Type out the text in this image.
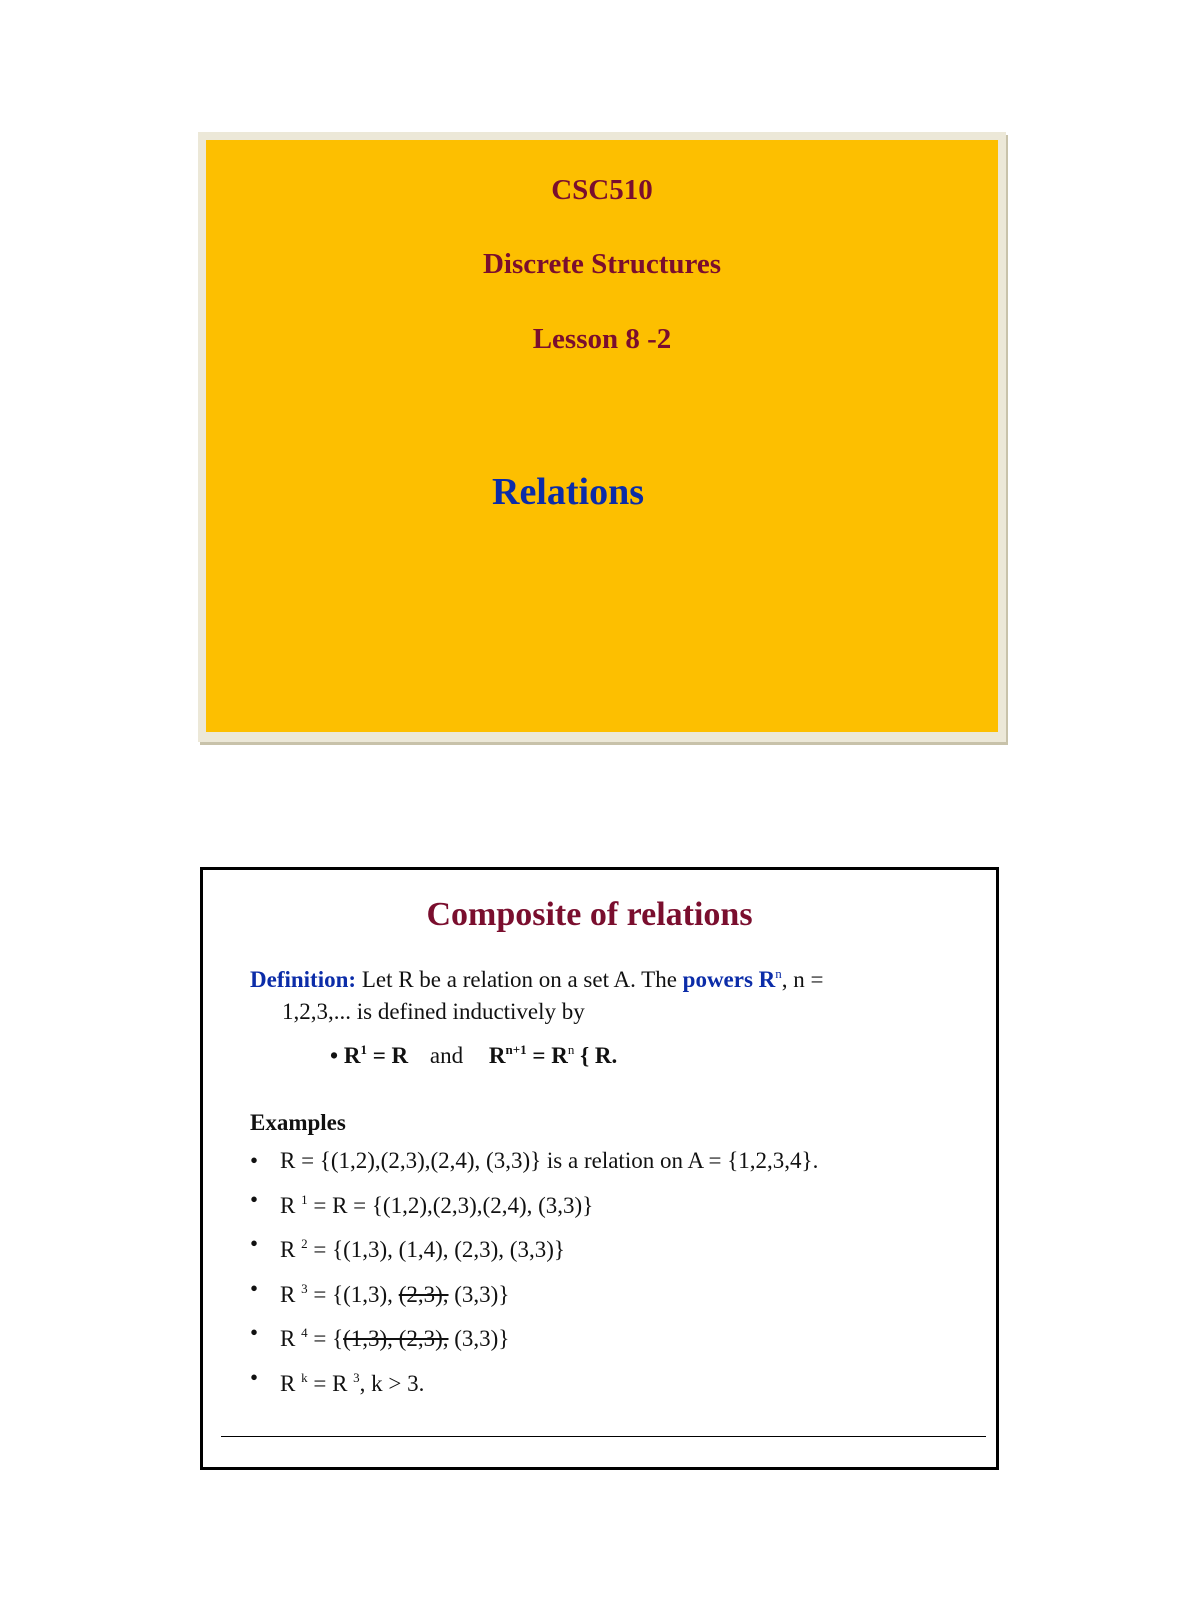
CSC510
Discrete Structures
Lesson 8 -2
Relations
Composite of relations
Definition: Let R be a relation on a set A. The powers $R^n$, n =
1,2,3,... is defined inductively by
• $R^1 = R$ and $R^{n+1} = R^n$ { R.
Examples
• R = {(1,2),(2,3),(2,4), (3,3)} is a relation on A = {1,2,3,4}.
• R $^1$ = R = {(1,2),(2,3),(2,4), (3,3)}
• R $^2$ = {(1,3), (1,4), (2,3), (3,3)}
• R $^3$ = {(1,3), (2,3), (3,3)}
• R $^4$ = {(1,3), (2,3), (3,3)}
• R $^k$ = R $^3$, k > 3.
